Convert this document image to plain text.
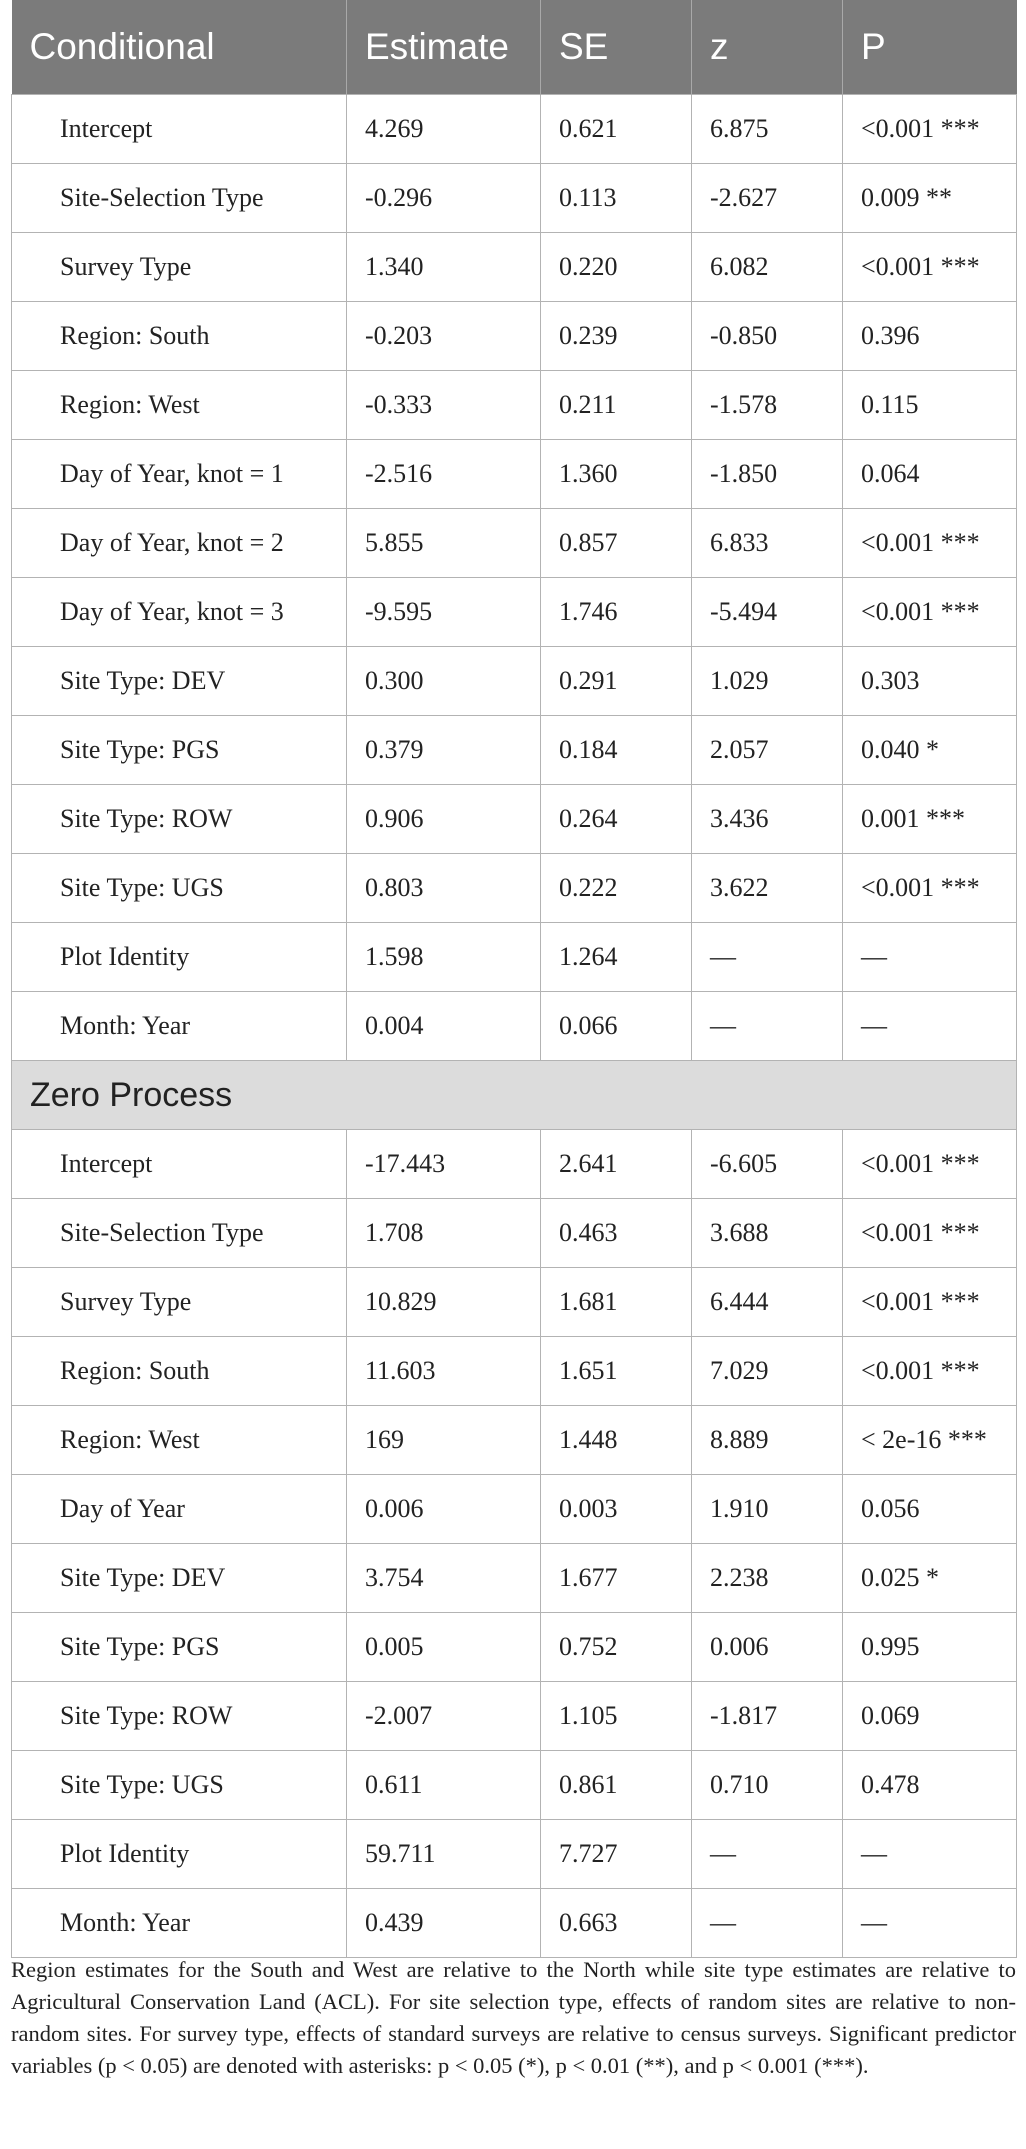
Conditional	Estimate	SE	z	P
Intercept	4.269	0.621	6.875	<0.001 ***
Site-Selection Type	-0.296	0.113	-2.627	0.009 **
Survey Type	1.340	0.220	6.082	<0.001 ***
Region: South	-0.203	0.239	-0.850	0.396
Region: West	-0.333	0.211	-1.578	0.115
Day of Year, knot = 1	-2.516	1.360	-1.850	0.064
Day of Year, knot = 2	5.855	0.857	6.833	<0.001 ***
Day of Year, knot = 3	-9.595	1.746	-5.494	<0.001 ***
Site Type: DEV	0.300	0.291	1.029	0.303
Site Type: PGS	0.379	0.184	2.057	0.040 *
Site Type: ROW	0.906	0.264	3.436	0.001 ***
Site Type: UGS	0.803	0.222	3.622	<0.001 ***
Plot Identity	1.598	1.264	—	—
Month: Year	0.004	0.066	—	—
Zero Process				
Intercept	-17.443	2.641	-6.605	<0.001 ***
Site-Selection Type	1.708	0.463	3.688	<0.001 ***
Survey Type	10.829	1.681	6.444	<0.001 ***
Region: South	11.603	1.651	7.029	<0.001 ***
Region: West	169	1.448	8.889	< 2e-16 ***
Day of Year	0.006	0.003	1.910	0.056
Site Type: DEV	3.754	1.677	2.238	0.025 *
Site Type: PGS	0.005	0.752	0.006	0.995
Site Type: ROW	-2.007	1.105	-1.817	0.069
Site Type: UGS	0.611	0.861	0.710	0.478
Plot Identity	59.711	7.727	—	—
Month: Year	0.439	0.663	—	—
Region estimates for the South and West are relative to the North while site type estimates are relative to Agricultural Conservation Land (ACL). For site selection type, effects of random sites are relative to non-random sites. For survey type, effects of standard surveys are relative to census surveys. Significant predictor variables (p < 0.05) are denoted with asterisks: p < 0.05 (*), p < 0.01 (**), and p < 0.001 (***).
